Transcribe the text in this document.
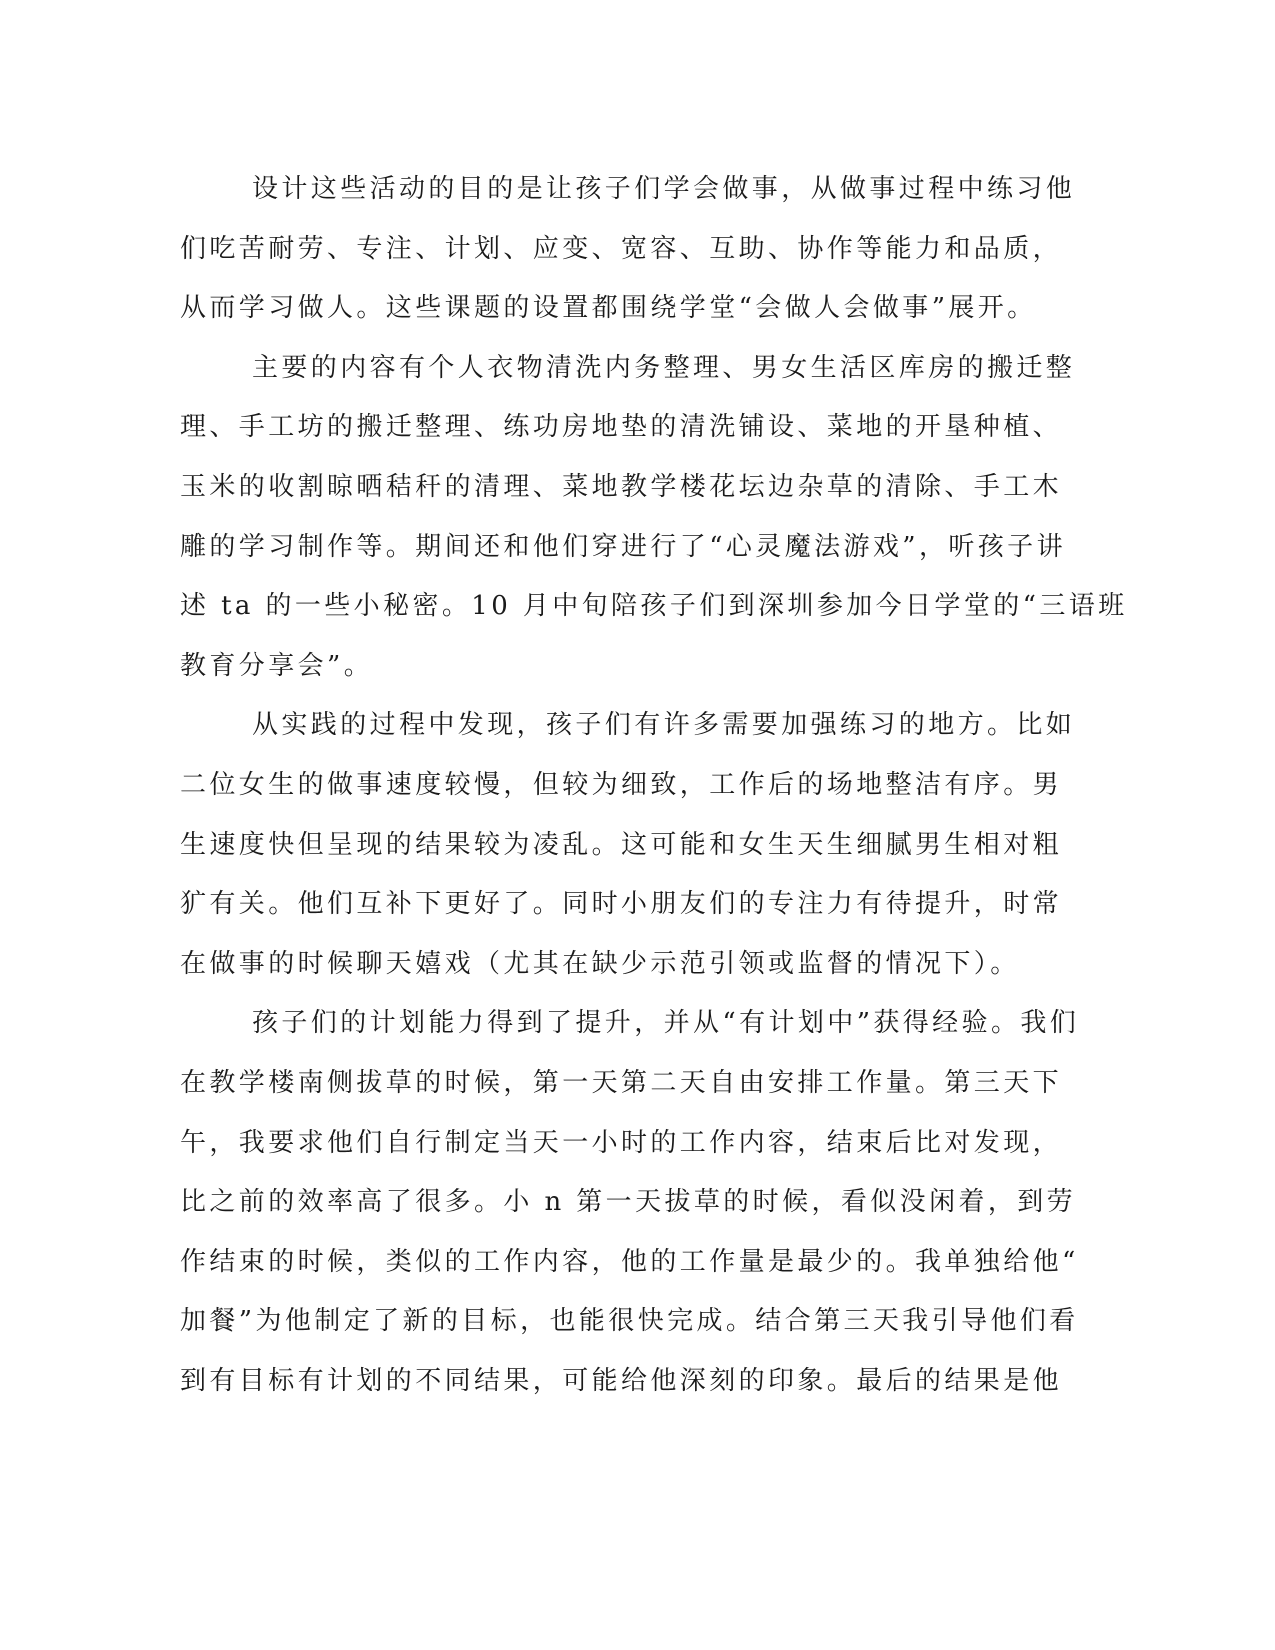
设计这些活动的目的是让孩子们学会做事，从做事过程中练习他
们吃苦耐劳、专注、计划、应变、宽容、互助、协作等能力和品质，
从而学习做人。这些课题的设置都围绕学堂“会做人会做事”展开。
主要的内容有个人衣物清洗内务整理、男女生活区库房的搬迁整
理、手工坊的搬迁整理、练功房地垫的清洗铺设、菜地的开垦种植、
玉米的收割晾晒秸秆的清理、菜地教学楼花坛边杂草的清除、手工木
雕的学习制作等。期间还和他们穿进行了“心灵魔法游戏”，听孩子讲
述 ta 的一些小秘密。10 月中旬陪孩子们到深圳参加今日学堂的“三语班
教育分享会”。
从实践的过程中发现，孩子们有许多需要加强练习的地方。比如
二位女生的做事速度较慢，但较为细致，工作后的场地整洁有序。男
生速度快但呈现的结果较为凌乱。这可能和女生天生细腻男生相对粗
犷有关。他们互补下更好了。同时小朋友们的专注力有待提升，时常
在做事的时候聊天嬉戏（尤其在缺少示范引领或监督的情况下）。
孩子们的计划能力得到了提升，并从“有计划中”获得经验。我们
在教学楼南侧拔草的时候，第一天第二天自由安排工作量。第三天下
午，我要求他们自行制定当天一小时的工作内容，结束后比对发现，
比之前的效率高了很多。小 n 第一天拔草的时候，看似没闲着，到劳
作结束的时候，类似的工作内容，他的工作量是最少的。我单独给他“
加餐”为他制定了新的目标，也能很快完成。结合第三天我引导他们看
到有目标有计划的不同结果，可能给他深刻的印象。最后的结果是他
